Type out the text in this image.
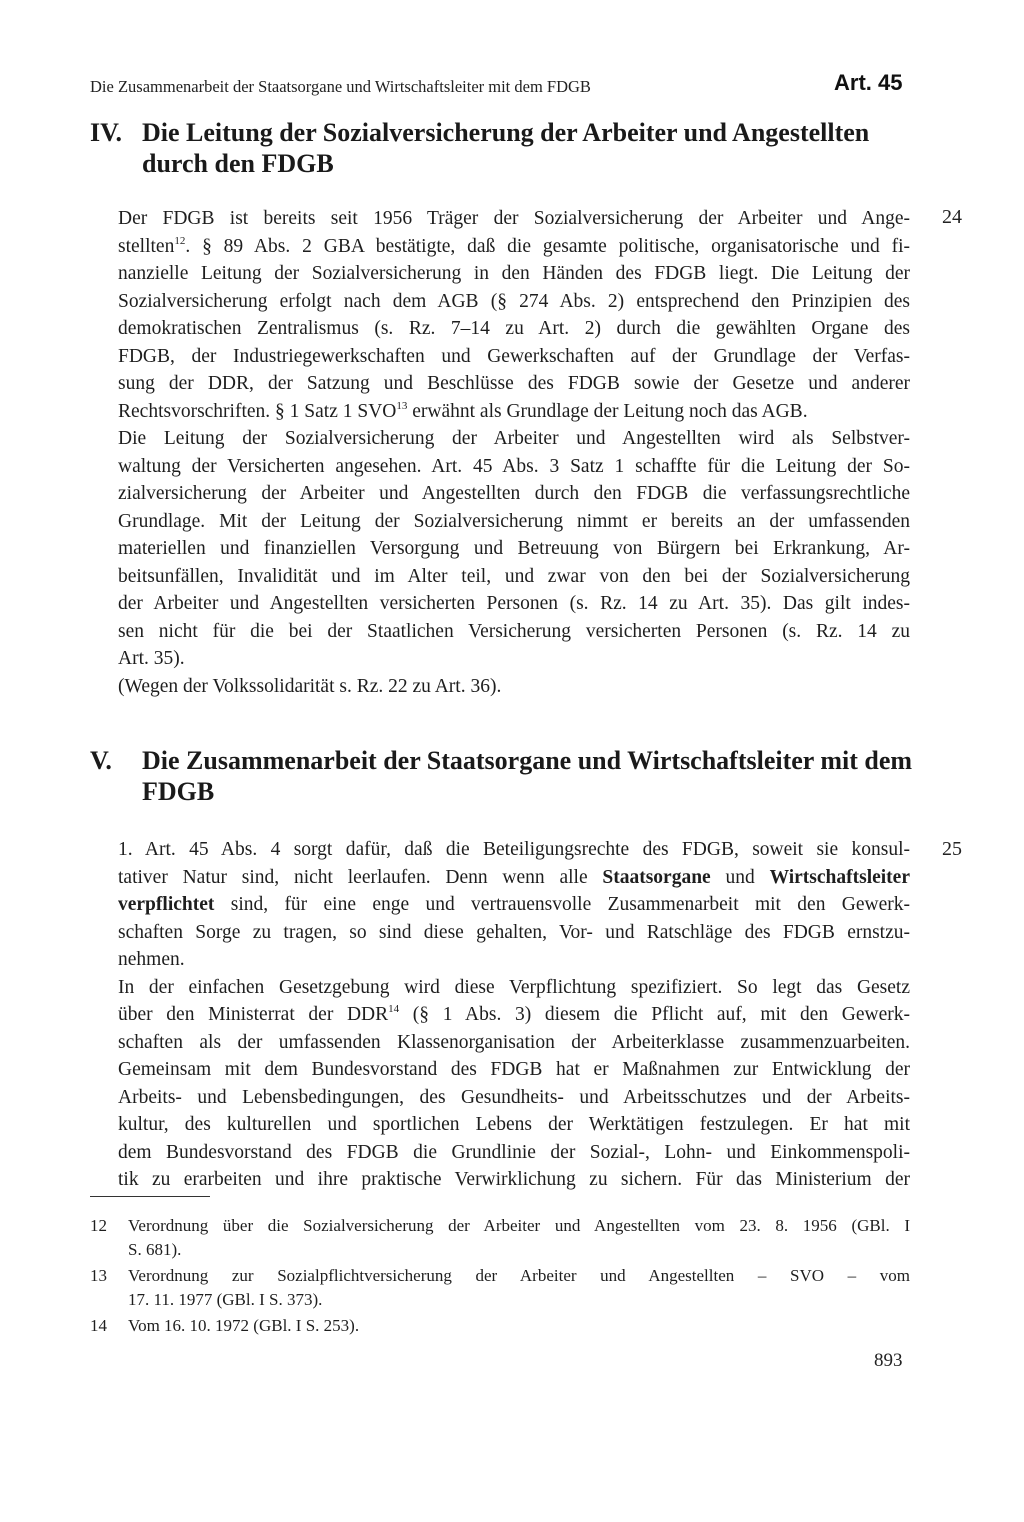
Die Zusammenarbeit der Staatsorgane und Wirtschaftsleiter mit dem FDGB	Art. 45
IV. Die Leitung der Sozialversicherung der Arbeiter und Angestellten
durch den FDGB
24
Der FDGB ist bereits seit 1956 Träger der Sozialversicherung der Arbeiter und Ange-
stellten$^{12}$. § 89 Abs. 2 GBA bestätigte, daß die gesamte politische, organisatorische und fi-
nanzielle Leitung der Sozialversicherung in den Händen des FDGB liegt. Die Leitung der
Sozialversicherung erfolgt nach dem AGB (§ 274 Abs. 2) entsprechend den Prinzipien des
demokratischen Zentralismus (s. Rz. 7–14 zu Art. 2) durch die gewählten Organe des
FDGB, der Industriegewerkschaften und Gewerkschaften auf der Grundlage der Verfas-
sung der DDR, der Satzung und Beschlüsse des FDGB sowie der Gesetze und anderer
Rechtsvorschriften. § 1 Satz 1 SVO$^{13}$ erwähnt als Grundlage der Leitung noch das AGB.
Die Leitung der Sozialversicherung der Arbeiter und Angestellten wird als Selbstver-
waltung der Versicherten angesehen. Art. 45 Abs. 3 Satz 1 schaffte für die Leitung der So-
zialversicherung der Arbeiter und Angestellten durch den FDGB die verfassungsrechtliche
Grundlage. Mit der Leitung der Sozialversicherung nimmt er bereits an der umfassenden
materiellen und finanziellen Versorgung und Betreuung von Bürgern bei Erkrankung, Ar-
beitsunfällen, Invalidität und im Alter teil, und zwar von den bei der Sozialversicherung
der Arbeiter und Angestellten versicherten Personen (s. Rz. 14 zu Art. 35). Das gilt indes-
sen nicht für die bei der Staatlichen Versicherung versicherten Personen (s. Rz. 14 zu
Art. 35).
(Wegen der Volkssolidarität s. Rz. 22 zu Art. 36).
V. Die Zusammenarbeit der Staatsorgane und Wirtschaftsleiter mit dem
FDGB
25
1. Art. 45 Abs. 4 sorgt dafür, daß die Beteiligungsrechte des FDGB, soweit sie konsul-
tativer Natur sind, nicht leerlaufen. Denn wenn alle Staatsorgane und Wirtschaftsleiter
verpflichtet sind, für eine enge und vertrauensvolle Zusammenarbeit mit den Gewerk-
schaften Sorge zu tragen, so sind diese gehalten, Vor- und Ratschläge des FDGB ernstzu-
nehmen.
In der einfachen Gesetzgebung wird diese Verpflichtung spezifiziert. So legt das Gesetz
über den Ministerrat der DDR$^{14}$ (§ 1 Abs. 3) diesem die Pflicht auf, mit den Gewerk-
schaften als der umfassenden Klassenorganisation der Arbeiterklasse zusammenzuarbeiten.
Gemeinsam mit dem Bundesvorstand des FDGB hat er Maßnahmen zur Entwicklung der
Arbeits- und Lebensbedingungen, des Gesundheits- und Arbeitsschutzes und der Arbeits-
kultur, des kulturellen und sportlichen Lebens der Werktätigen festzulegen. Er hat mit
dem Bundesvorstand des FDGB die Grundlinie der Sozial-, Lohn- und Einkommenspoli-
tik zu erarbeiten und ihre praktische Verwirklichung zu sichern. Für das Ministerium der
12 Verordnung über die Sozialversicherung der Arbeiter und Angestellten vom 23. 8. 1956 (GBl. I
S. 681).
13 Verordnung zur Sozialpflichtversicherung der Arbeiter und Angestellten – SVO – vom
17. 11. 1977 (GBl. I S. 373).
14 Vom 16. 10. 1972 (GBl. I S. 253).
893
